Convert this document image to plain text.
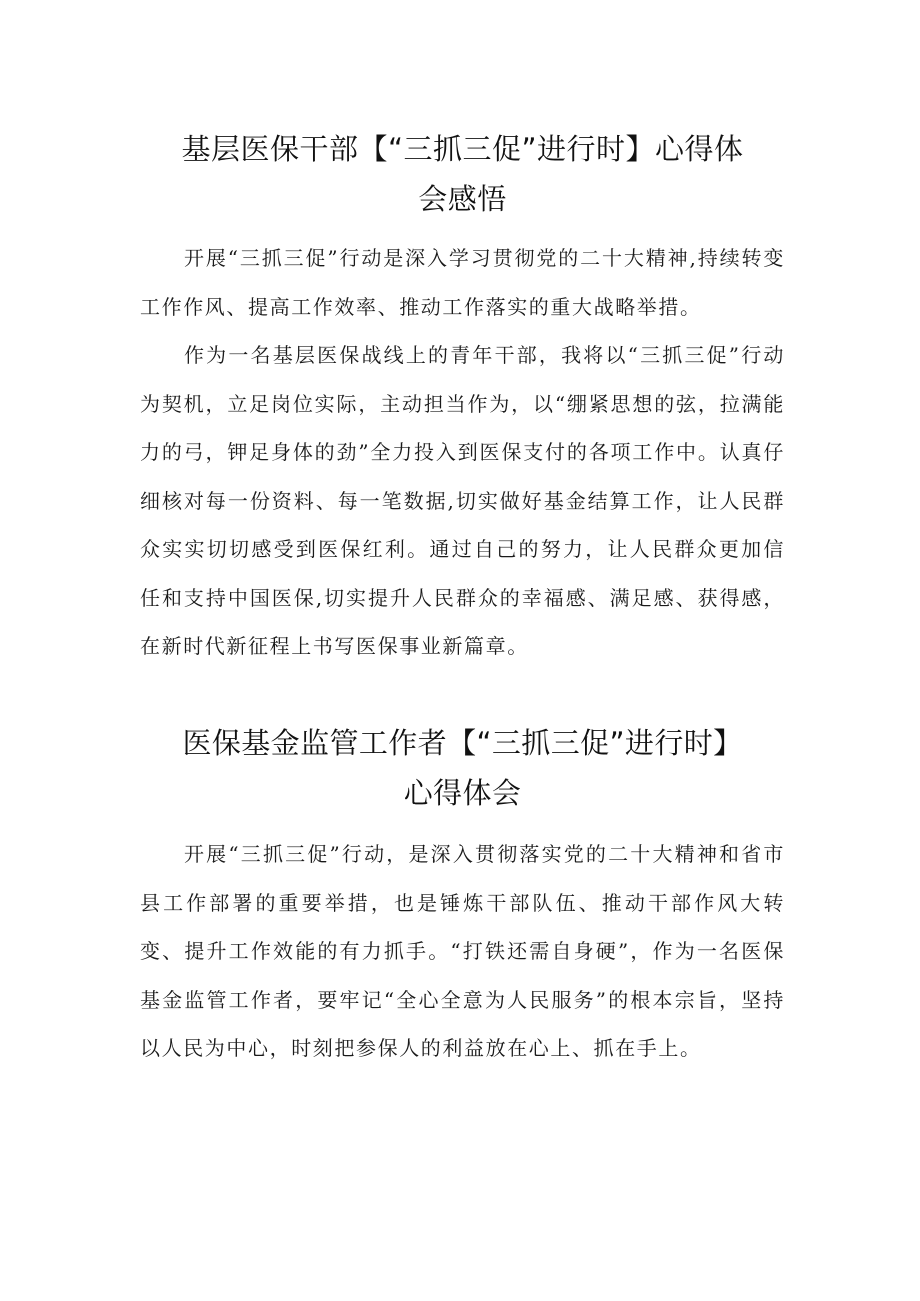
基层医保干部【“三抓三促”进行时】心得体
会感悟

开展“三抓三促”行动是深入学习贯彻党的二十大精神,持续转变工作作风、提高工作效率、推动工作落实的重大战略举措。

作为一名基层医保战线上的青年干部，我将以“三抓三促”行动为契机，立足岗位实际，主动担当作为，以“绷紧思想的弦，拉满能力的弓，钾足身体的劲”全力投入到医保支付的各项工作中。认真仔细核对每一份资料、每一笔数据,切实做好基金结算工作，让人民群众实实切切感受到医保红利。通过自己的努力，让人民群众更加信任和支持中国医保,切实提升人民群众的幸福感、满足感、获得感，在新时代新征程上书写医保事业新篇章。

医保基金监管工作者【“三抓三促”进行时】
心得体会

开展“三抓三促”行动，是深入贯彻落实党的二十大精神和省市县工作部署的重要举措，也是锤炼干部队伍、推动干部作风大转变、提升工作效能的有力抓手。“打铁还需自身硬”，作为一名医保基金监管工作者，要牢记“全心全意为人民服务”的根本宗旨，坚持以人民为中心，时刻把参保人的利益放在心上、抓在手上。
